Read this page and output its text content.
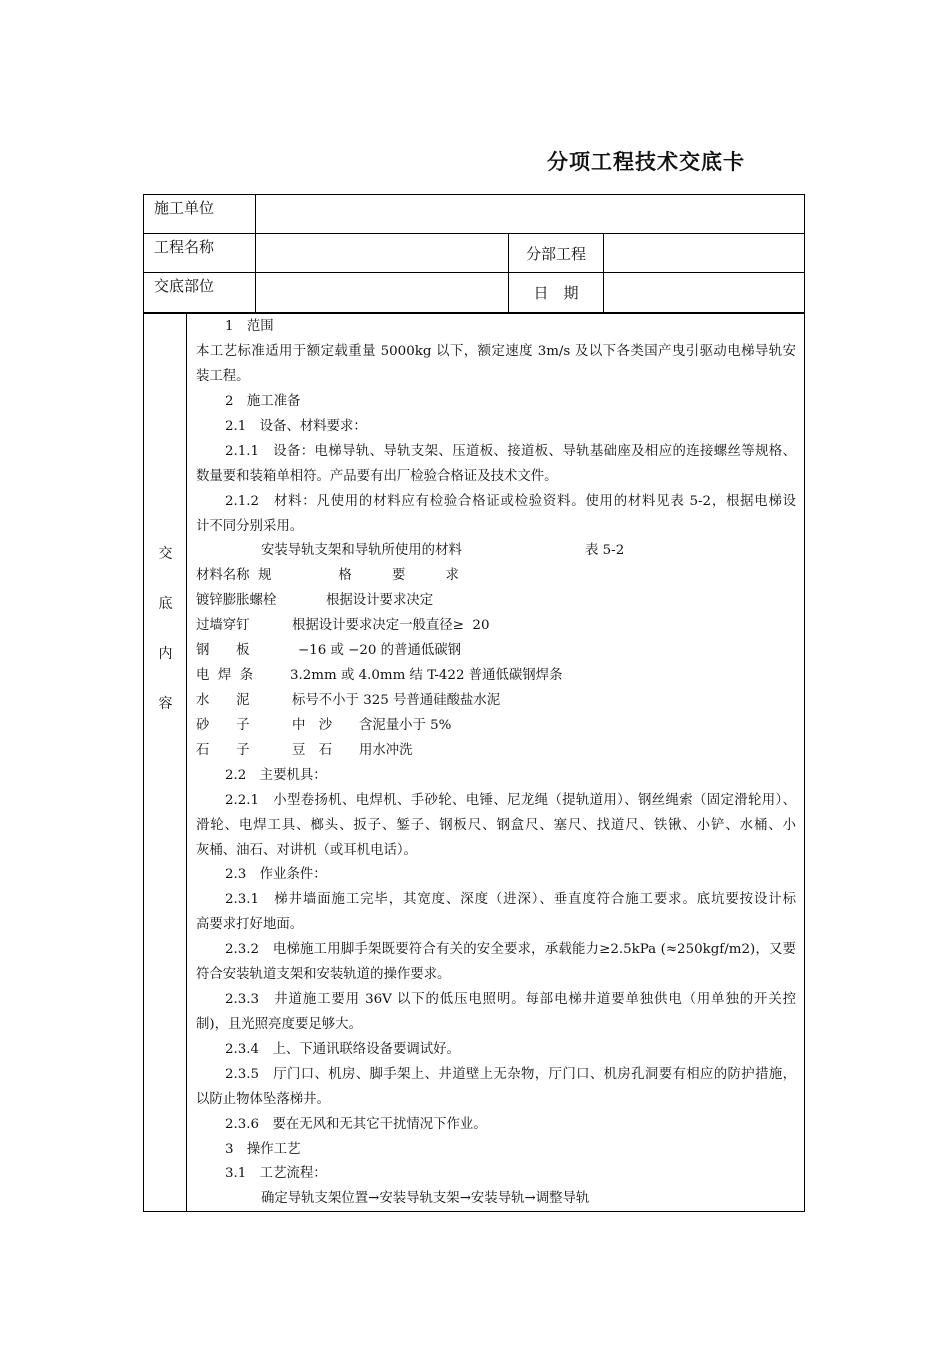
分项工程技术交底卡
施工单位
工程名称	分部工程
交底部位	日　期
交
底
内
容
1　范围
本工艺标准适用于额定载重量 5000kg 以下，额定速度 3m/s 及以下各类国产曳引驱动电梯导轨安
装工程。
2　施工准备
2.1　设备、材料要求：
2.1.1　设备：电梯导轨、导轨支架、压道板、接道板、导轨基础座及相应的连接螺丝等规格、
数量要和装箱单相符。产品要有出厂检验合格证及技术文件。
2.1.2　材料：凡使用的材料应有检验合格证或检验资料。使用的材料见表 5-2，根据电梯设
计不同分别采用。
安装导轨支架和导轨所使用的材料	表 5-2
材料名称  规　　　　　格　　　要　　　求
镀锌膨胀螺栓	根据设计要求决定
过墙穿钉	根据设计要求决定一般直径≥  20
钢　　板	−16 或 −20 的普通低碳钢
电  焊  条	3.2mm 或 4.0mm 结 T-422 普通低碳钢焊条
水　　泥	标号不小于 325 号普通硅酸盐水泥
砂　　子	中　沙　　含泥量小于 5%
石　　子	豆　石　　用水冲洗
2.2　主要机具：
2.2.1　小型卷扬机、电焊机、手砂轮、电锤、尼龙绳（提轨道用）、钢丝绳索（固定滑轮用）、
滑轮、电焊工具、榔头、扳子、錾子、钢板尺、钢盒尺、塞尺、找道尺、铁锹、小铲、水桶、小
灰桶、油石、对讲机（或耳机电话）。
2.3　作业条件：
2.3.1　梯井墙面施工完毕，其宽度、深度（进深）、垂直度符合施工要求。底坑要按设计标
高要求打好地面。
2.3.2　电梯施工用脚手架既要符合有关的安全要求，承载能力≥2.5kPa (≈250kgf/m2)，又要
符合安装轨道支架和安装轨道的操作要求。
2.3.3　井道施工要用 36V 以下的低压电照明。每部电梯井道要单独供电（用单独的开关控
制)，且光照亮度要足够大。
2.3.4　上、下通讯联络设备要调试好。
2.3.5　厅门口、机房、脚手架上、井道壁上无杂物，厅门口、机房孔洞要有相应的防护措施，
以防止物体坠落梯井。
2.3.6　要在无风和无其它干扰情况下作业。
3　操作工艺
3.1　工艺流程：
确定导轨支架位置→安装导轨支架→安装导轨→调整导轨
